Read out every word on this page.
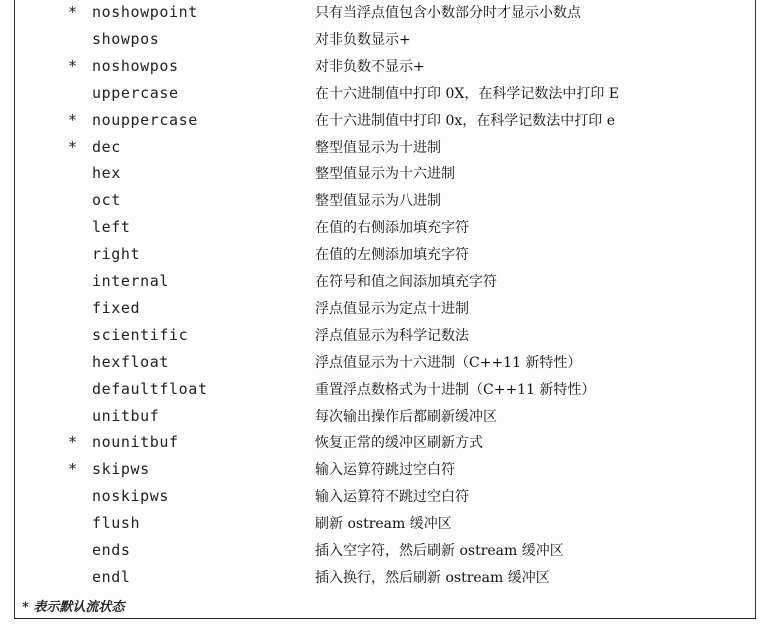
* noshowpoint	只有当浮点值包含小数部分时才显示小数点
showpos	对非负数显示+
* noshowpos	对非负数不显示+
uppercase	在十六进制值中打印 0X，在科学记数法中打印 E
* nouppercase	在十六进制值中打印 0x，在科学记数法中打印 e
* dec	整型值显示为十进制
hex	整型值显示为十六进制
oct	整型值显示为八进制
left	在值的右侧添加填充字符
right	在值的左侧添加填充字符
internal	在符号和值之间添加填充字符
fixed	浮点值显示为定点十进制
scientific	浮点值显示为科学记数法
hexfloat	浮点值显示为十六进制（C++11 新特性）
defaultfloat	重置浮点数格式为十进制（C++11 新特性）
unitbuf	每次输出操作后都刷新缓冲区
* nounitbuf	恢复正常的缓冲区刷新方式
* skipws	输入运算符跳过空白符
noskipws	输入运算符不跳过空白符
flush	刷新 ostream 缓冲区
ends	插入空字符，然后刷新 ostream 缓冲区
endl	插入换行，然后刷新 ostream 缓冲区
* 表示默认流状态
